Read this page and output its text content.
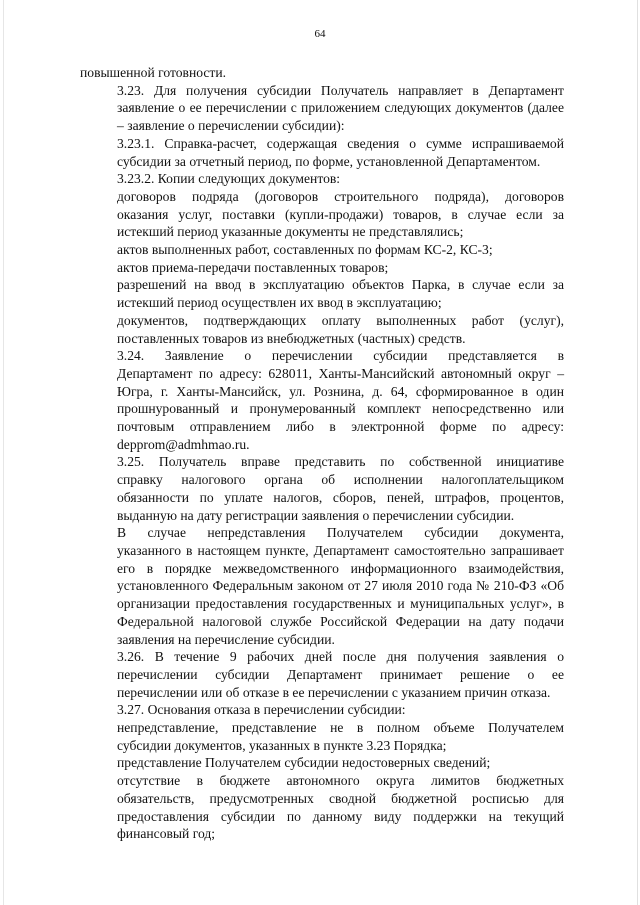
64

повышенной готовности.

3.23. Для получения субсидии Получатель направляет в Департамент
заявление о ее перечислении с приложением следующих документов (далее
– заявление о перечислении субсидии):

3.23.1. Справка-расчет, содержащая сведения о сумме испрашиваемой
субсидии за отчетный период, по форме, установленной Департаментом.

3.23.2. Копии следующих документов:

договоров подряда (договоров строительного подряда), договоров
оказания услуг, поставки (купли-продажи) товаров, в случае если за
истекший период указанные документы не представлялись;

актов выполненных работ, составленных по формам КС-2, КС-3;

актов приема-передачи поставленных товаров;

разрешений на ввод в эксплуатацию объектов Парка, в случае если за
истекший период осуществлен их ввод в эксплуатацию;

документов, подтверждающих оплату выполненных работ (услуг),
поставленных товаров из внебюджетных (частных) средств.

3.24. Заявление о перечислении субсидии представляется в
Департамент по адресу: 628011, Ханты-Мансийский автономный округ –
Югра, г. Ханты-Мансийск, ул. Рознина, д. 64, сформированное в один
прошнурованный и пронумерованный комплект непосредственно или
почтовым отправлением либо в электронной форме по адресу:
depprom@admhmao.ru.

3.25. Получатель вправе представить по собственной инициативе
справку налогового органа об исполнении налогоплательщиком
обязанности по уплате налогов, сборов, пеней, штрафов, процентов,
выданную на дату регистрации заявления о перечислении субсидии.

В случае непредставления Получателем субсидии документа,
указанного в настоящем пункте, Департамент самостоятельно запрашивает
его в порядке межведомственного информационного взаимодействия,
установленного Федеральным законом от 27 июля 2010 года № 210-ФЗ «Об
организации предоставления государственных и муниципальных услуг», в
Федеральной налоговой службе Российской Федерации на дату подачи
заявления на перечисление субсидии.

3.26. В течение 9 рабочих дней после дня получения заявления о
перечислении субсидии Департамент принимает решение о ее
перечислении или об отказе в ее перечислении с указанием причин отказа.

3.27. Основания отказа в перечислении субсидии:

непредставление, представление не в полном объеме Получателем
субсидии документов, указанных в пункте 3.23 Порядка;

представление Получателем субсидии недостоверных сведений;

отсутствие в бюджете автономного округа лимитов бюджетных
обязательств, предусмотренных сводной бюджетной росписью для
предоставления субсидии по данному виду поддержки на текущий
финансовый год;
